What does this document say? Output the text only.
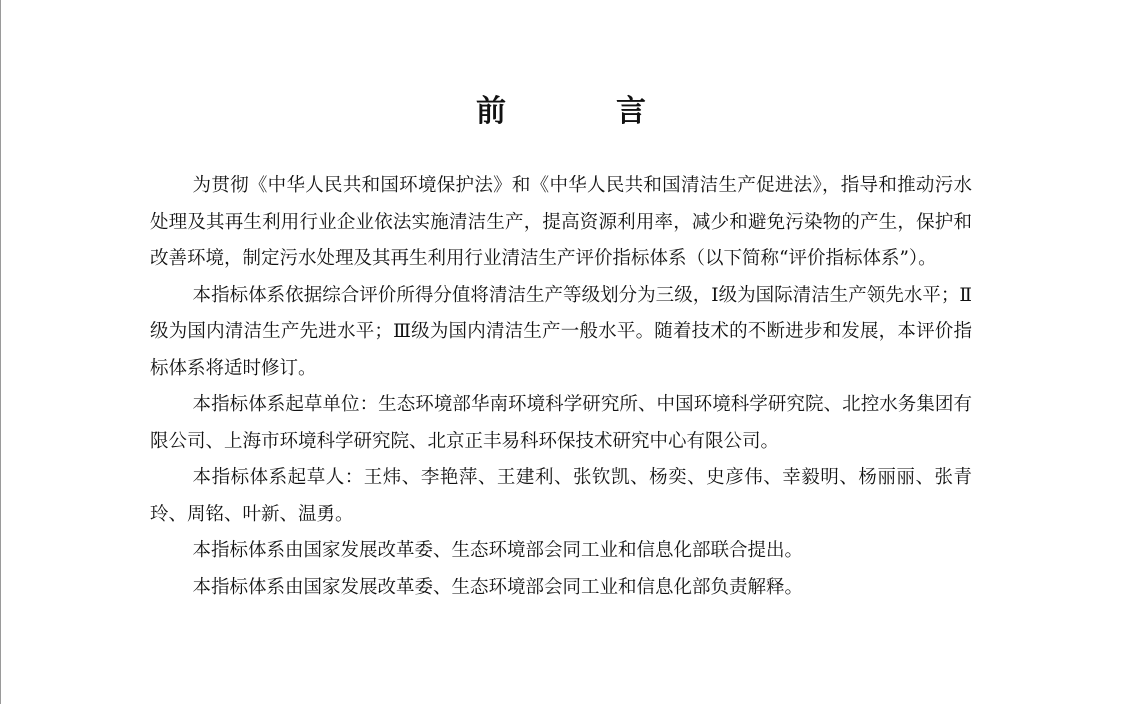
前　言

为贯彻《中华人民共和国环境保护法》和《中华人民共和国清洁生产促进法》，指导和推动污水处理及其再生利用行业企业依法实施清洁生产，提高资源利用率，减少和避免污染物的产生，保护和改善环境，制定污水处理及其再生利用行业清洁生产评价指标体系（以下简称“评价指标体系”）。

本指标体系依据综合评价所得分值将清洁生产等级划分为三级，Ⅰ级为国际清洁生产领先水平；Ⅱ级为国内清洁生产先进水平；Ⅲ级为国内清洁生产一般水平。随着技术的不断进步和发展，本评价指标体系将适时修订。

本指标体系起草单位：生态环境部华南环境科学研究所、中国环境科学研究院、北控水务集团有限公司、上海市环境科学研究院、北京正丰易科环保技术研究中心有限公司。

本指标体系起草人：王炜、李艳萍、王建利、张钦凯、杨奕、史彦伟、幸毅明、杨丽丽、张青玲、周铭、叶新、温勇。

本指标体系由国家发展改革委、生态环境部会同工业和信息化部联合提出。

本指标体系由国家发展改革委、生态环境部会同工业和信息化部负责解释。
